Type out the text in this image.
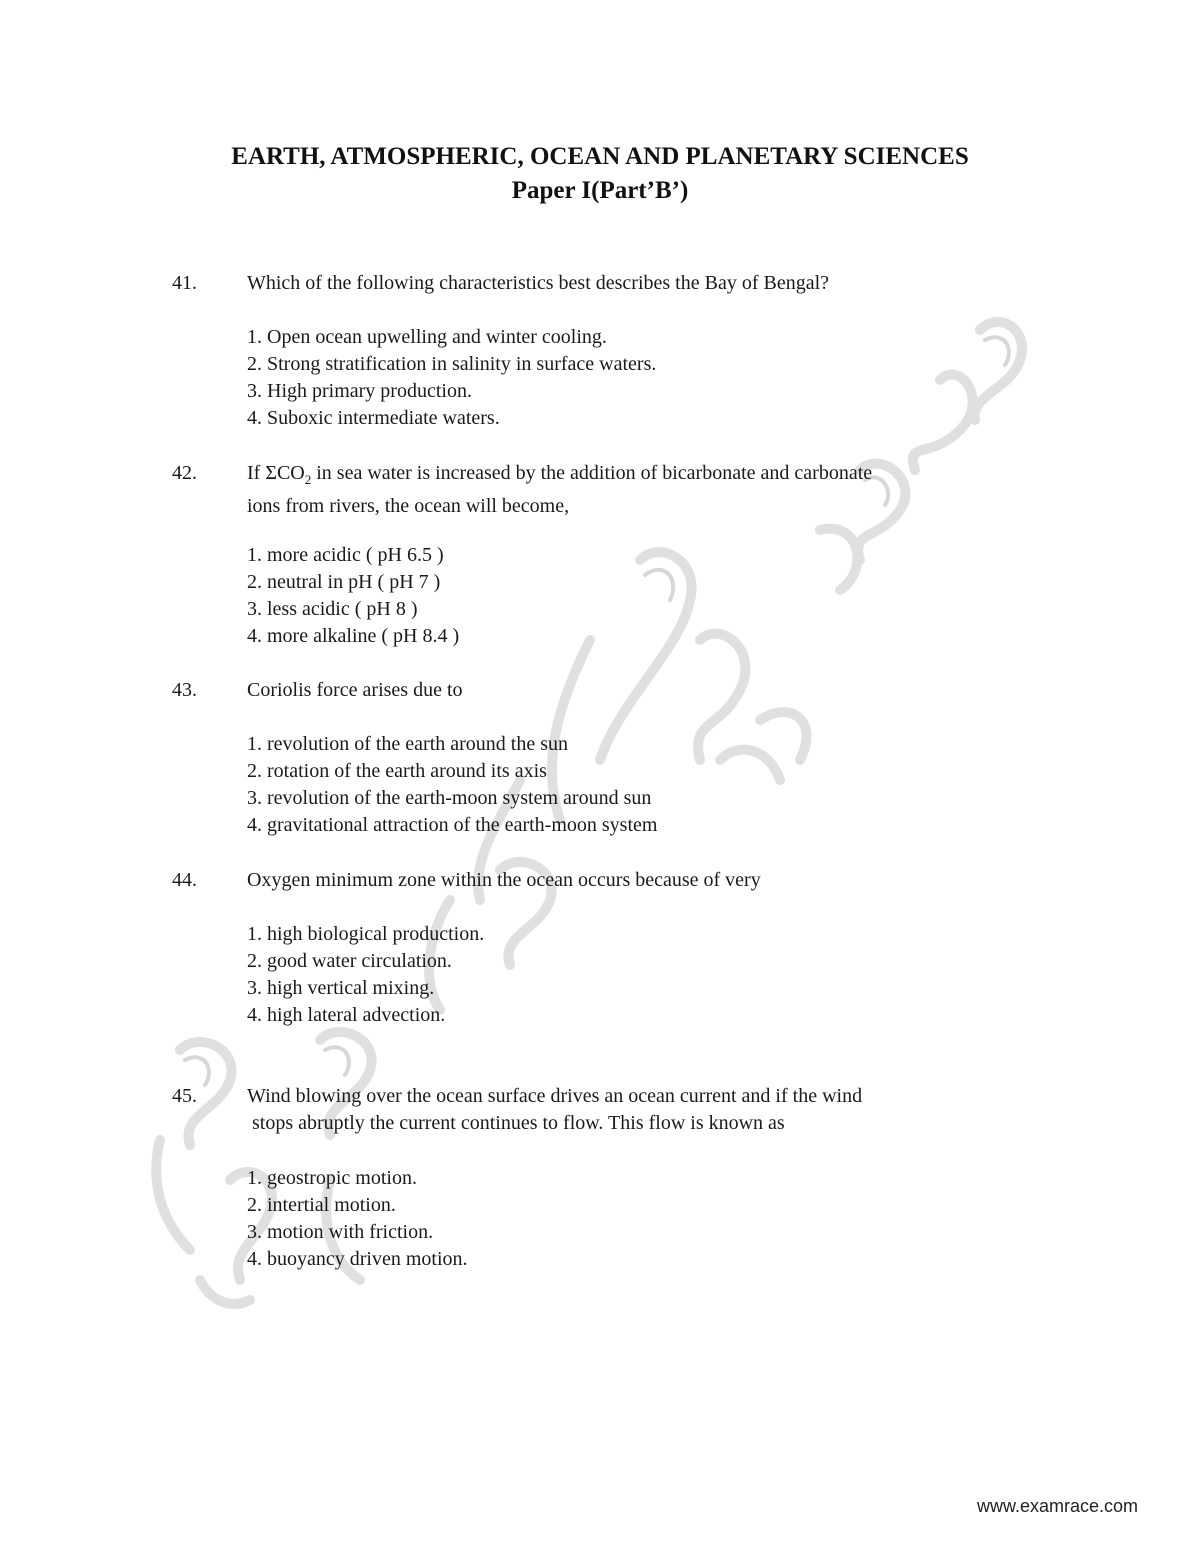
EARTH, ATMOSPHERIC, OCEAN AND PLANETARY SCIENCES
Paper I(Part’B’)
41.	Which of the following characteristics best describes the Bay of Bengal?
1. Open ocean upwelling and winter cooling.
2. Strong stratification in salinity in surface waters.
3. High primary production.
4. Suboxic intermediate waters.
42.	If $\Sigma CO_2$ in sea water is increased by the addition of bicarbonate and carbonate
ions from rivers, the ocean will become,
1. more acidic ( pH 6.5 )
2. neutral in pH ( pH 7 )
3. less acidic ( pH 8 )
4. more alkaline ( pH 8.4 )
43.	Coriolis force arises due to
1. revolution of the earth around the sun
2. rotation of the earth around its axis
3. revolution of the earth-moon system around sun
4. gravitational attraction of the earth-moon system
44.	Oxygen minimum zone within the ocean occurs because of very
1. high biological production.
2. good water circulation.
3. high vertical mixing.
4. high lateral advection.
45.	Wind blowing over the ocean surface drives an ocean current and if the wind
stops abruptly the current continues to flow. This flow is known as
1. geostropic motion.
2. intertial motion.
3. motion with friction.
4. buoyancy driven motion.
www.examrace.com
